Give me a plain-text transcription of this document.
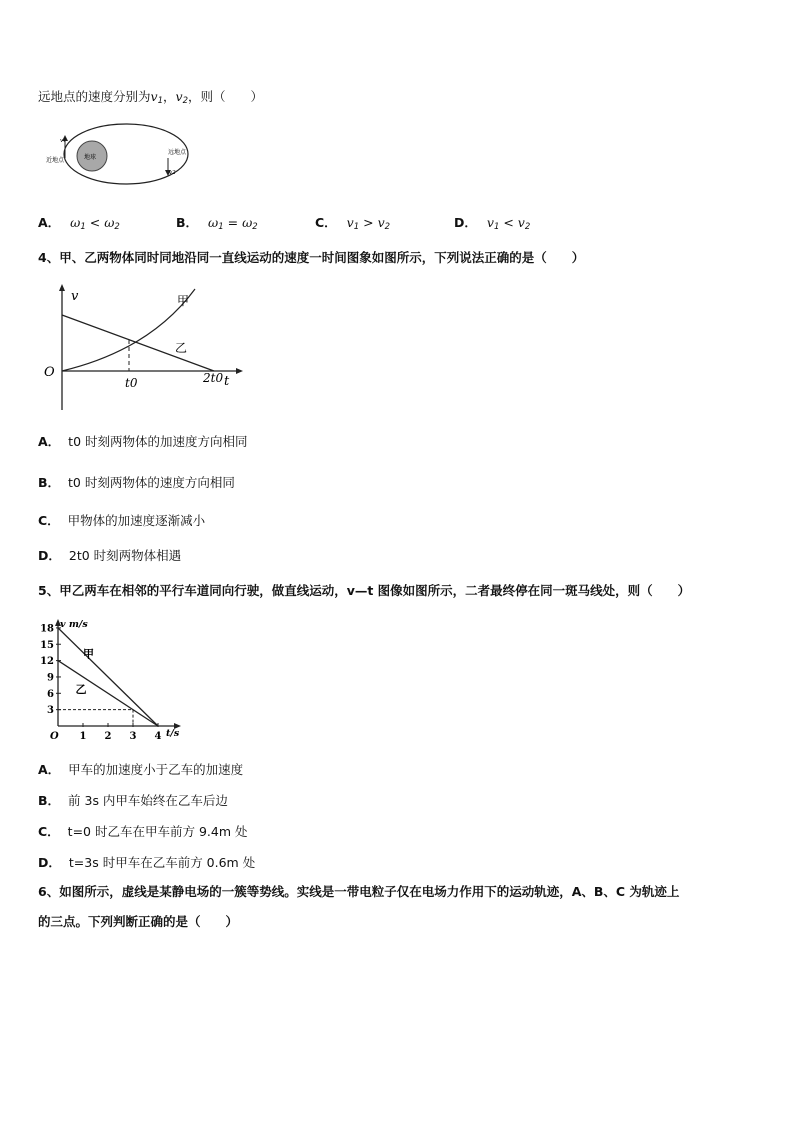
远地点的速度分别为$v_1$，$v_2$，则（　　）
地球
v1
近地点
v2
远地点
A． $\omega_1 < \omega_2$	B． $\omega_1 = \omega_2$	C． $v_1 > v_2$	D． $v_1 < v_2$
4、甲、乙两物体同时同地沿同一直线运动的速度一时间图象如图所示，下列说法正确的是（　　）
v
t
O
t0	2t0
甲
乙
A． t0 时刻两物体的加速度方向相同
B． t0 时刻两物体的速度方向相同
C． 甲物体的加速度逐渐减小
D． 2t0 时刻两物体相遇
5、甲乙两车在相邻的平行车道同向行驶，做直线运动，v—t 图像如图所示，二者最终停在同一斑马线处，则（　　）
v m/s
t/s
O
甲
乙
3
6
9
12
15
18
1 2 3 4
A． 甲车的加速度小于乙车的加速度
B． 前 3s 内甲车始终在乙车后边
C． t=0 时乙车在甲车前方 9.4m 处
D． t=3s 时甲车在乙车前方 0.6m 处
6、如图所示，虚线是某静电场的一簇等势线。实线是一带电粒子仅在电场力作用下的运动轨迹，A、B、C 为轨迹上
的三点。下列判断正确的是（　　）
